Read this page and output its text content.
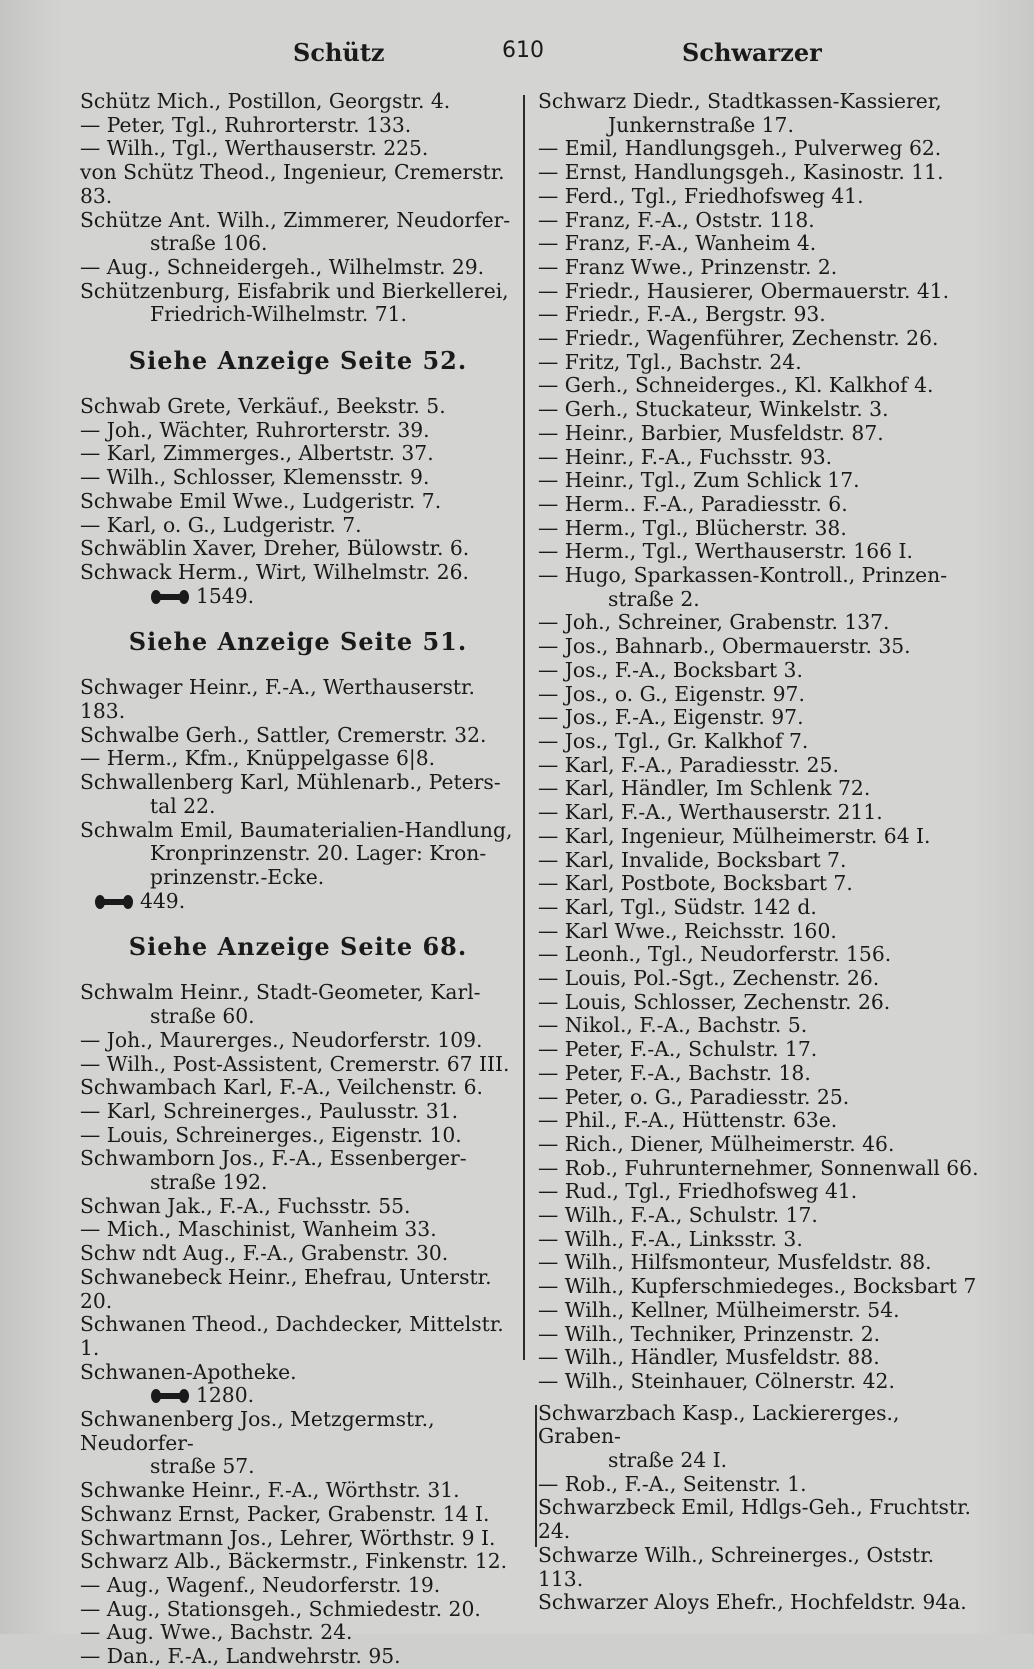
Schütz	610	Schwarzer
Schütz Mich., Postillon, Georgstr. 4.
— Peter, Tgl., Ruhrorterstr. 133.
— Wilh., Tgl., Werthauserstr. 225.
von Schütz Theod., Ingenieur, Cremerstr. 83.
Schütze Ant. Wilh., Zimmerer, Neudorfer-
straße 106.
— Aug., Schneidergeh., Wilhelmstr. 29.
Schützenburg, Eisfabrik und Bierkellerei,
Friedrich-Wilhelmstr. 71.
Siehe Anzeige Seite 52.
Schwab Grete, Verkäuf., Beekstr. 5.
— Joh., Wächter, Ruhrorterstr. 39.
— Karl, Zimmerges., Albertstr. 37.
— Wilh., Schlosser, Klemensstr. 9.
Schwabe Emil Wwe., Ludgeristr. 7.
— Karl, o. G., Ludgeristr. 7.
Schwäblin Xaver, Dreher, Bülowstr. 6.
Schwack Herm., Wirt, Wilhelmstr. 26.
1549.
Siehe Anzeige Seite 51.
Schwager Heinr., F.-A., Werthauserstr. 183.
Schwalbe Gerh., Sattler, Cremerstr. 32.
— Herm., Kfm., Knüppelgasse 6|8.
Schwallenberg Karl, Mühlenarb., Peters-
tal 22.
Schwalm Emil, Baumaterialien-Handlung,
Kronprinzenstr. 20. Lager: Kron-
prinzenstr.-Ecke.
449.
Siehe Anzeige Seite 68.
Schwalm Heinr., Stadt-Geometer, Karl-
straße 60.
— Joh., Maurerges., Neudorferstr. 109.
— Wilh., Post-Assistent, Cremerstr. 67 III.
Schwambach Karl, F.-A., Veilchenstr. 6.
— Karl, Schreinerges., Paulusstr. 31.
— Louis, Schreinerges., Eigenstr. 10.
Schwamborn Jos., F.-A., Essenberger-
straße 192.
Schwan Jak., F.-A., Fuchsstr. 55.
— Mich., Maschinist, Wanheim 33.
Schw ndt Aug., F.-A., Grabenstr. 30.
Schwanebeck Heinr., Ehefrau, Unterstr. 20.
Schwanen Theod., Dachdecker, Mittelstr. 1.
Schwanen-Apotheke.
1280.
Schwanenberg Jos., Metzgermstr., Neudorfer-
straße 57.
Schwanke Heinr., F.-A., Wörthstr. 31.
Schwanz Ernst, Packer, Grabenstr. 14 I.
Schwartmann Jos., Lehrer, Wörthstr. 9 I.
Schwarz Alb., Bäckermstr., Finkenstr. 12.
— Aug., Wagenf., Neudorferstr. 19.
— Aug., Stationsgeh., Schmiedestr. 20.
— Aug. Wwe., Bachstr. 24.
— Dan., F.-A., Landwehrstr. 95.
Schwarz Diedr., Stadtkassen-Kassierer,
Junkernstraße 17.
— Emil, Handlungsgeh., Pulverweg 62.
— Ernst, Handlungsgeh., Kasinostr. 11.
— Ferd., Tgl., Friedhofsweg 41.
— Franz, F.-A., Oststr. 118.
— Franz, F.-A., Wanheim 4.
— Franz Wwe., Prinzenstr. 2.
— Friedr., Hausierer, Obermauerstr. 41.
— Friedr., F.-A., Bergstr. 93.
— Friedr., Wagenführer, Zechenstr. 26.
— Fritz, Tgl., Bachstr. 24.
— Gerh., Schneiderges., Kl. Kalkhof 4.
— Gerh., Stuckateur, Winkelstr. 3.
— Heinr., Barbier, Musfeldstr. 87.
— Heinr., F.-A., Fuchsstr. 93.
— Heinr., Tgl., Zum Schlick 17.
— Herm.. F.-A., Paradiesstr. 6.
— Herm., Tgl., Blücherstr. 38.
— Herm., Tgl., Werthauserstr. 166 I.
— Hugo, Sparkassen-Kontroll., Prinzen-
straße 2.
— Joh., Schreiner, Grabenstr. 137.
— Jos., Bahnarb., Obermauerstr. 35.
— Jos., F.-A., Bocksbart 3.
— Jos., o. G., Eigenstr. 97.
— Jos., F.-A., Eigenstr. 97.
— Jos., Tgl., Gr. Kalkhof 7.
— Karl, F.-A., Paradiesstr. 25.
— Karl, Händler, Im Schlenk 72.
— Karl, F.-A., Werthauserstr. 211.
— Karl, Ingenieur, Mülheimerstr. 64 I.
— Karl, Invalide, Bocksbart 7.
— Karl, Postbote, Bocksbart 7.
— Karl, Tgl., Südstr. 142 d.
— Karl Wwe., Reichsstr. 160.
— Leonh., Tgl., Neudorferstr. 156.
— Louis, Pol.-Sgt., Zechenstr. 26.
— Louis, Schlosser, Zechenstr. 26.
— Nikol., F.-A., Bachstr. 5.
— Peter, F.-A., Schulstr. 17.
— Peter, F.-A., Bachstr. 18.
— Peter, o. G., Paradiesstr. 25.
— Phil., F.-A., Hüttenstr. 63e.
— Rich., Diener, Mülheimerstr. 46.
— Rob., Fuhrunternehmer, Sonnenwall 66.
— Rud., Tgl., Friedhofsweg 41.
— Wilh., F.-A., Schulstr. 17.
— Wilh., F.-A., Linksstr. 3.
— Wilh., Hilfsmonteur, Musfeldstr. 88.
— Wilh., Kupferschmiedeges., Bocksbart 7
— Wilh., Kellner, Mülheimerstr. 54.
— Wilh., Techniker, Prinzenstr. 2.
— Wilh., Händler, Musfeldstr. 88.
— Wilh., Steinhauer, Cölnerstr. 42.
Schwarzbach Kasp., Lackiererges., Graben-
straße 24 I.
— Rob., F.-A., Seitenstr. 1.
Schwarzbeck Emil, Hdlgs-Geh., Fruchtstr. 24.
Schwarze Wilh., Schreinerges., Oststr. 113.
Schwarzer Aloys Ehefr., Hochfeldstr. 94a.
